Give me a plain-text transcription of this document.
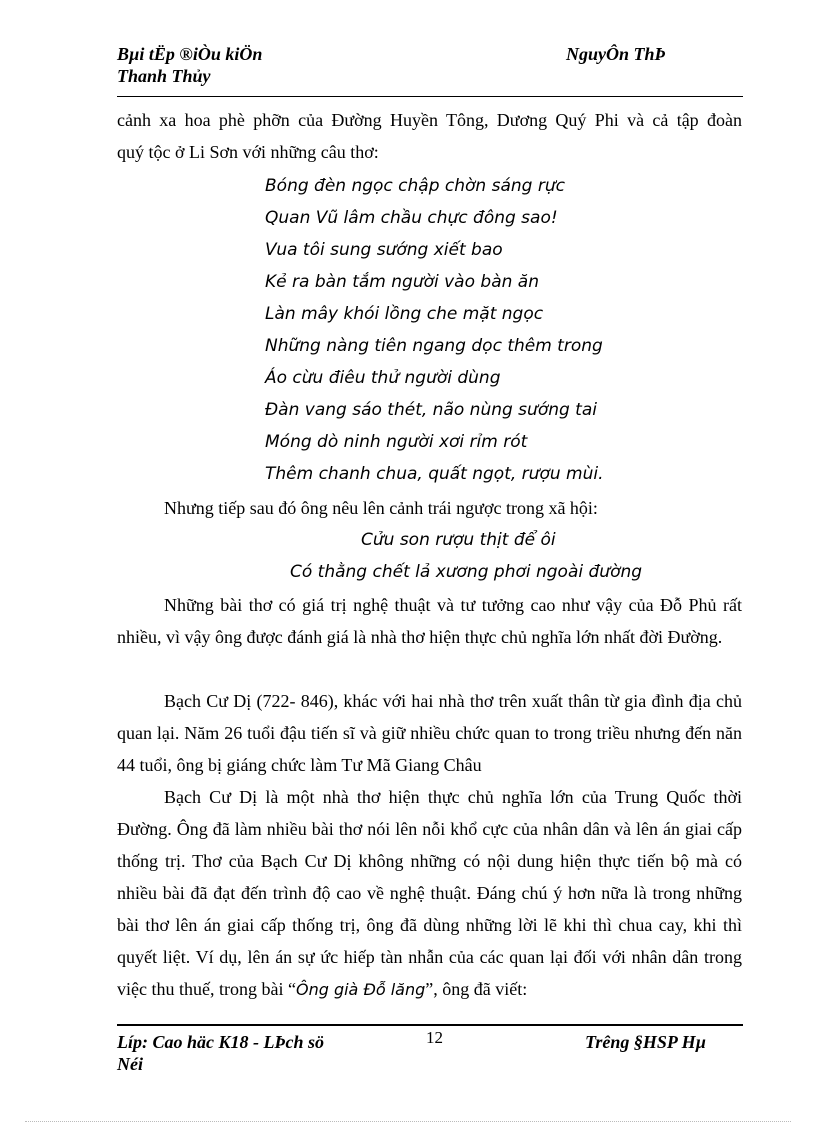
Bµi tËp ®iÒu kiÖn
Thanh Thủy
NguyÔn ThÞ
cảnh xa hoa phè phỡn của Đường Huyền Tông, Dương Quý Phi và cả tập đoàn
quý tộc ở Li Sơn với những câu thơ:
Bóng đèn ngọc chập chờn sáng rực
Quan Vũ lâm chầu chực đông sao!
Vua tôi sung sướng xiết bao
Kẻ ra bàn tắm người vào bàn ăn
Làn mây khói lồng che mặt ngọc
Những nàng tiên ngang dọc thêm trong
Áo cừu điêu thử người dùng
Đàn vang sáo thét, não nùng sướng tai
Móng dò ninh người xơi rỉm rót
Thêm chanh chua, quất ngọt, rượu mùi.
Nhưng tiếp sau đó ông nêu lên cảnh trái ngược trong xã hội:
Cửu son rượu thịt để ôi
Có thằng chết lả xương phơi ngoài đường
Những bài thơ có giá trị nghệ thuật và tư tưởng cao như vậy của Đỗ Phủ rất nhiều, vì vậy ông được đánh giá là nhà thơ hiện thực chủ nghĩa lớn nhất đời Đường.
Bạch Cư Dị (722- 846), khác với hai nhà thơ trên xuất thân từ gia đình địa chủ quan lại. Năm 26 tuổi đậu tiến sĩ và giữ nhiều chức quan to trong triều nhưng đến năn 44 tuổi, ông bị giáng chức làm Tư Mã Giang Châu
Bạch Cư Dị là một nhà thơ hiện thực chủ nghĩa lớn của Trung Quốc thời Đường. Ông đã làm nhiều bài thơ nói lên nỗi khổ cực của nhân dân và lên án giai cấp thống trị. Thơ của Bạch Cư Dị không những có nội dung hiện thực tiến bộ mà có nhiều bài đã đạt đến trình độ cao về nghệ thuật. Đáng chú ý hơn nữa là trong những bài thơ lên án giai cấp thống trị, ông đã dùng những lời lẽ khi thì chua cay, khi thì quyết liệt. Ví dụ, lên án sự ức hiếp tàn nhẫn của các quan lại đối với nhân dân trong việc thu thuế, trong bài “Ông già Đỗ lăng”, ông đã viết:
Líp: Cao häc K18 - LÞch sö
Néi
12	Trêng §HSP Hµ
